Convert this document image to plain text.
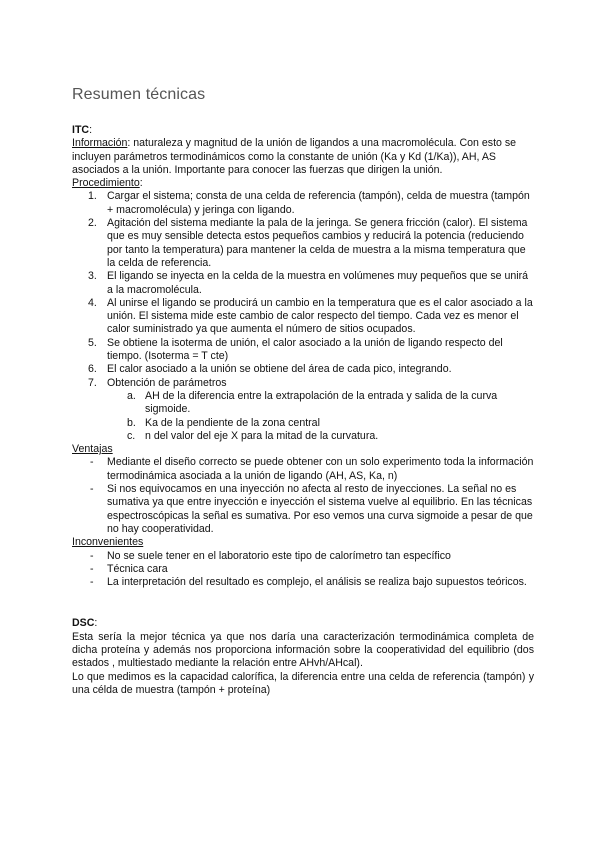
Resumen técnicas

ITC:

Información: naturaleza y magnitud de la unión de ligandos a una macromolécula. Con esto se incluyen parámetros termodinámicos como la constante de unión (Ka y Kd (1/Ka)), AH, AS asociados a la unión. Importante para conocer las fuerzas que dirigen la unión.

Procedimiento:

1. Cargar el sistema; consta de una celda de referencia (tampón), celda de muestra (tampón + macromolécula) y jeringa con ligando.
2. Agitación del sistema mediante la pala de la jeringa. Se genera fricción (calor). El sistema que es muy sensible detecta estos pequeños cambios y reducirá la potencia (reduciendo por tanto la temperatura) para mantener la celda de muestra a la misma temperatura que la celda de referencia.
3. El ligando se inyecta en la celda de la muestra en volúmenes muy pequeños que se unirá a la macromolécula.
4. Al unirse el ligando se producirá un cambio en la temperatura que es el calor asociado a la unión. El sistema mide este cambio de calor respecto del tiempo. Cada vez es menor el calor suministrado ya que aumenta el número de sitios ocupados.
5. Se obtiene la isoterma de unión, el calor asociado a la unión de ligando respecto del tiempo. (Isoterma = T cte)
6. El calor asociado a la unión se obtiene del área de cada pico, integrando.
7. Obtención de parámetros
a. AH de la diferencia entre la extrapolación de la entrada y salida de la curva sigmoide.
b. Ka de la pendiente de la zona central
c. n del valor del eje X para la mitad de la curvatura.

Ventajas

- Mediante el diseño correcto se puede obtener con un solo experimento toda la información termodinámica asociada a la unión de ligando (AH, AS, Ka, n)
- Si nos equivocamos en una inyección no afecta al resto de inyecciones. La señal no es sumativa ya que entre inyección e inyección el sistema vuelve al equilibrio. En las técnicas espectroscópicas la señal es sumativa. Por eso vemos una curva sigmoide a pesar de que no hay cooperatividad.

Inconvenientes

- No se suele tener en el laboratorio este tipo de calorímetro tan específico
- Técnica cara
- La interpretación del resultado es complejo, el análisis se realiza bajo supuestos teóricos.

DSC:

Esta sería la mejor técnica ya que nos daría una caracterización termodinámica completa de dicha proteína y además nos proporciona información sobre la cooperatividad del equilibrio (dos estados , multiestado mediante la relación entre AHvh/AHcal).

Lo que medimos es la capacidad calorífica, la diferencia entre una celda de referencia (tampón) y una célda de muestra (tampón + proteína)
